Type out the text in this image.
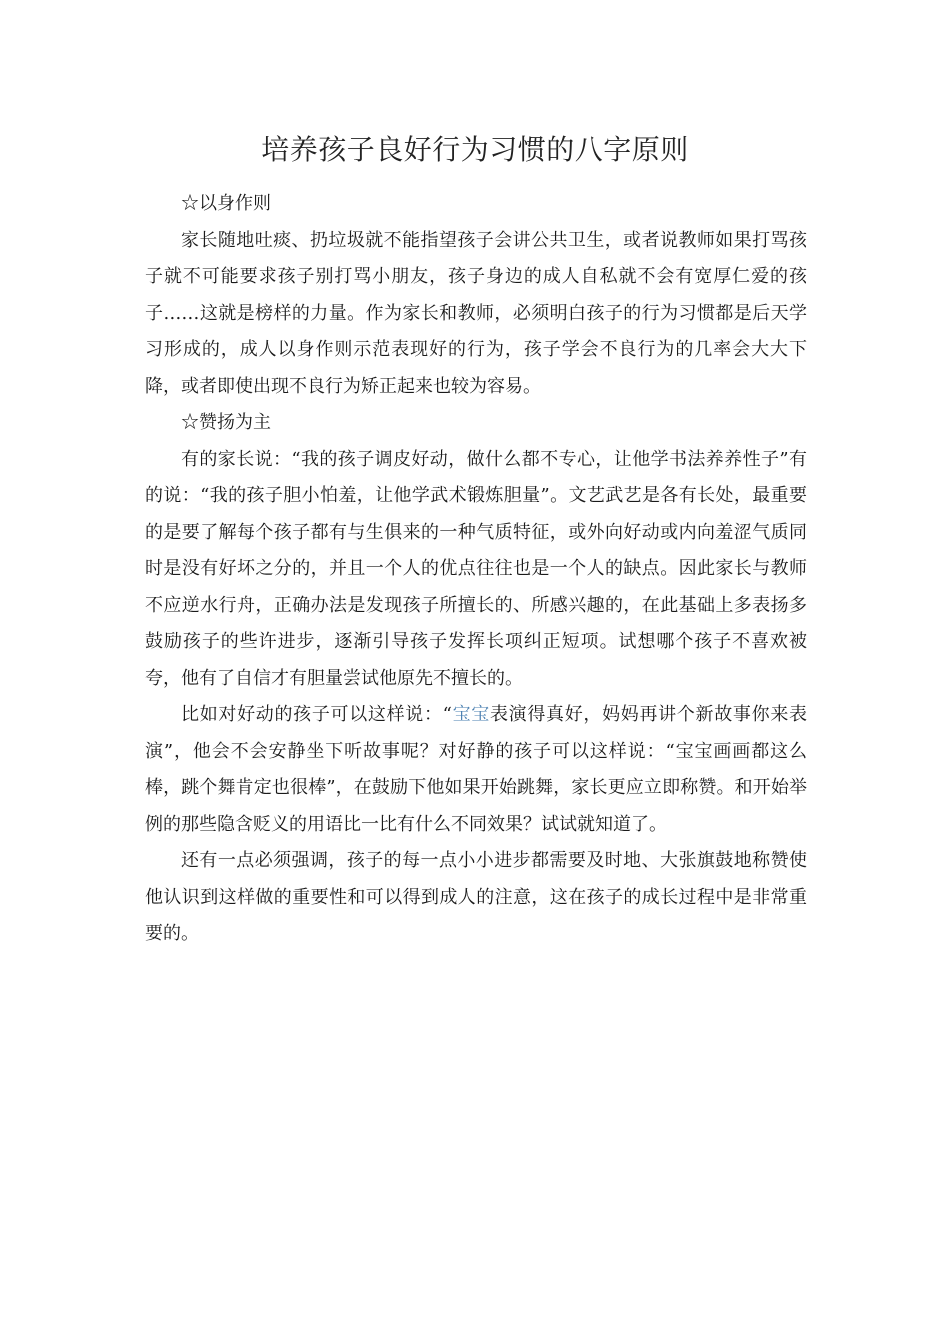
培养孩子良好行为习惯的八字原则

☆以身作则

家长随地吐痰、扔垃圾就不能指望孩子会讲公共卫生，或者说教师如果打骂孩子就不可能要求孩子别打骂小朋友，孩子身边的成人自私就不会有宽厚仁爱的孩子……这就是榜样的力量。作为家长和教师，必须明白孩子的行为习惯都是后天学习形成的，成人以身作则示范表现好的行为，孩子学会不良行为的几率会大大下降，或者即使出现不良行为矫正起来也较为容易。

☆赞扬为主

有的家长说：“我的孩子调皮好动，做什么都不专心，让他学书法养养性子”有的说：“我的孩子胆小怕羞，让他学武术锻炼胆量”。文艺武艺是各有长处，最重要的是要了解每个孩子都有与生俱来的一种气质特征，或外向好动或内向羞涩气质同时是没有好坏之分的，并且一个人的优点往往也是一个人的缺点。因此家长与教师不应逆水行舟，正确办法是发现孩子所擅长的、所感兴趣的，在此基础上多表扬多鼓励孩子的些许进步，逐渐引导孩子发挥长项纠正短项。试想哪个孩子不喜欢被夸，他有了自信才有胆量尝试他原先不擅长的。

比如对好动的孩子可以这样说：“宝宝表演得真好，妈妈再讲个新故事你来表演”，他会不会安静坐下听故事呢？对好静的孩子可以这样说：“宝宝画画都这么棒，跳个舞肯定也很棒”，在鼓励下他如果开始跳舞，家长更应立即称赞。和开始举例的那些隐含贬义的用语比一比有什么不同效果？试试就知道了。

还有一点必须强调，孩子的每一点小小进步都需要及时地、大张旗鼓地称赞使他认识到这样做的重要性和可以得到成人的注意，这在孩子的成长过程中是非常重要的。
